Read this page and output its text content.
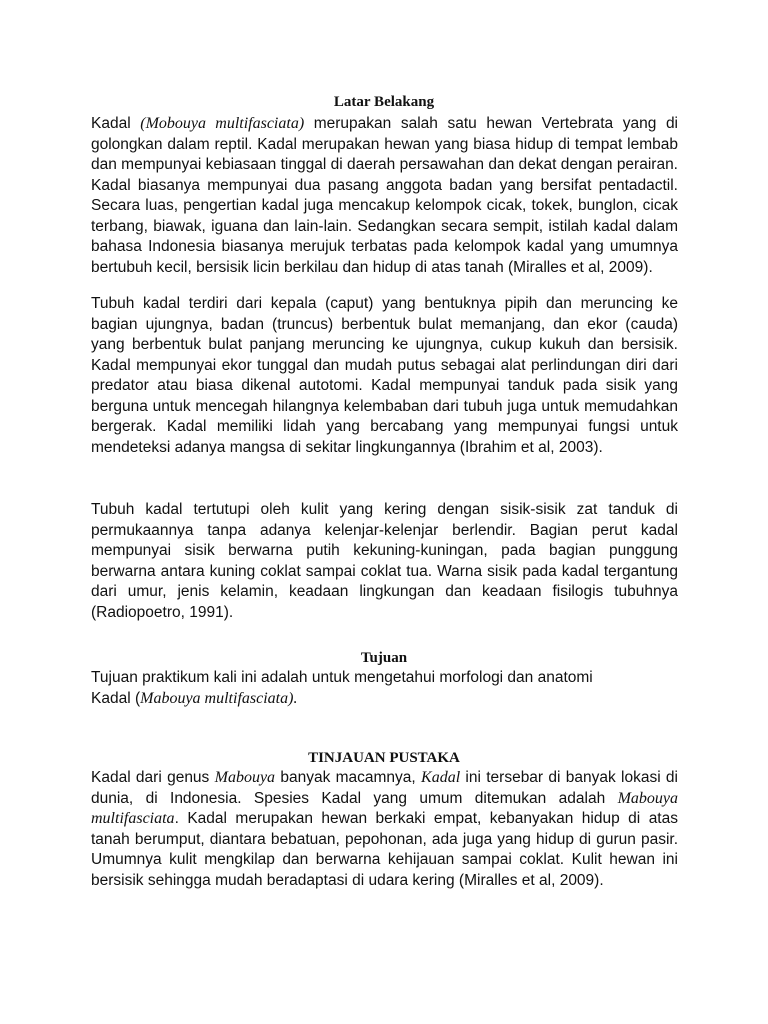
Latar Belakang

Kadal (Mobouya multifasciata) merupakan salah satu hewan Vertebrata yang di golongkan dalam reptil. Kadal merupakan hewan yang biasa hidup di tempat lembab dan mempunyai kebiasaan tinggal di daerah persawahan dan dekat dengan perairan. Kadal biasanya mempunyai dua pasang anggota badan yang bersifat pentadactil. Secara luas, pengertian kadal juga mencakup kelompok cicak, tokek, bunglon, cicak terbang, biawak, iguana dan lain-lain. Sedangkan secara sempit, istilah kadal dalam bahasa Indonesia biasanya merujuk terbatas pada kelompok kadal yang umumnya bertubuh kecil, bersisik licin berkilau dan hidup di atas tanah (Miralles et al, 2009).

Tubuh kadal terdiri dari kepala (caput) yang bentuknya pipih dan meruncing ke bagian ujungnya, badan (truncus) berbentuk bulat memanjang, dan ekor (cauda) yang berbentuk bulat panjang meruncing ke ujungnya, cukup kukuh dan bersisik. Kadal mempunyai ekor tunggal dan mudah putus sebagai alat perlindungan diri dari predator atau biasa dikenal autotomi. Kadal mempunyai tanduk pada sisik yang berguna untuk mencegah hilangnya kelembaban dari tubuh juga untuk memudahkan bergerak. Kadal memiliki lidah yang bercabang yang mempunyai fungsi untuk mendeteksi adanya mangsa di sekitar lingkungannya (Ibrahim et al, 2003).

Tubuh kadal tertutupi oleh kulit yang kering dengan sisik-sisik zat tanduk di permukaannya tanpa adanya kelenjar-kelenjar berlendir. Bagian perut kadal mempunyai sisik berwarna putih kekuning-kuningan, pada bagian punggung berwarna antara kuning coklat sampai coklat tua. Warna sisik pada kadal tergantung dari umur, jenis kelamin, keadaan lingkungan dan keadaan fisilogis tubuhnya (Radiopoetro, 1991).

Tujuan

Tujuan praktikum kali ini adalah untuk mengetahui morfologi dan anatomi
Kadal (Mabouya multifasciata).

TINJAUAN PUSTAKA

Kadal dari genus Mabouya banyak macamnya, Kadal ini tersebar di banyak lokasi di dunia, di Indonesia. Spesies Kadal yang umum ditemukan adalah Mabouya multifasciata. Kadal merupakan hewan berkaki empat, kebanyakan hidup di atas tanah berumput, diantara bebatuan, pepohonan, ada juga yang hidup di gurun pasir. Umumnya kulit mengkilap dan berwarna kehijauan sampai coklat. Kulit hewan ini bersisik sehingga mudah beradaptasi di udara kering (Miralles et al, 2009).
